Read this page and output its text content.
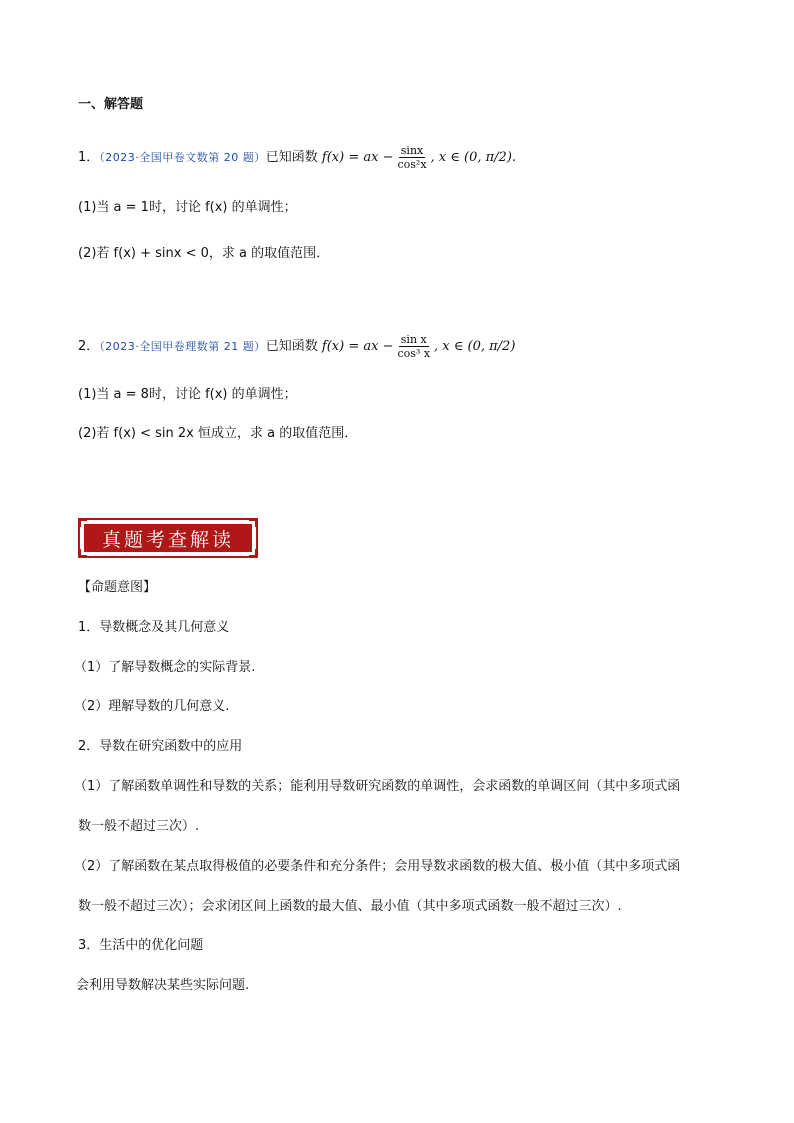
一、解答题
1．（2023·全国甲卷文数第 20 题）已知函数 f(x) = ax − $\frac{\sin x}{\text{cos²x}}$ , x ∈ (0, π/2).
(1)当 a = 1时，讨论 f(x) 的单调性；
(2)若 f(x) + sinx < 0，求 a 的取值范围．
2．（2023·全国甲卷理数第 21 题）已知函数 f(x) = ax − $\frac{\text{sin x}}{\text{cos³ x}}$ , x ∈ (0, π/2)
(1)当 a = 8时，讨论 f(x) 的单调性；
(2)若 f(x) < sin 2x 恒成立，求 a 的取值范围．
真题考查解读
【命题意图】
1．导数概念及其几何意义
（1）了解导数概念的实际背景.
（2）理解导数的几何意义.
2．导数在研究函数中的应用
（1）了解函数单调性和导数的关系；能利用导数研究函数的单调性，会求函数的单调区间（其中多项式函
数一般不超过三次）.
（2）了解函数在某点取得极值的必要条件和充分条件；会用导数求函数的极大值、极小值（其中多项式函
数一般不超过三次）；会求闭区间上函数的最大值、最小值（其中多项式函数一般不超过三次）.
3．生活中的优化问题
会利用导数解决某些实际问题.
